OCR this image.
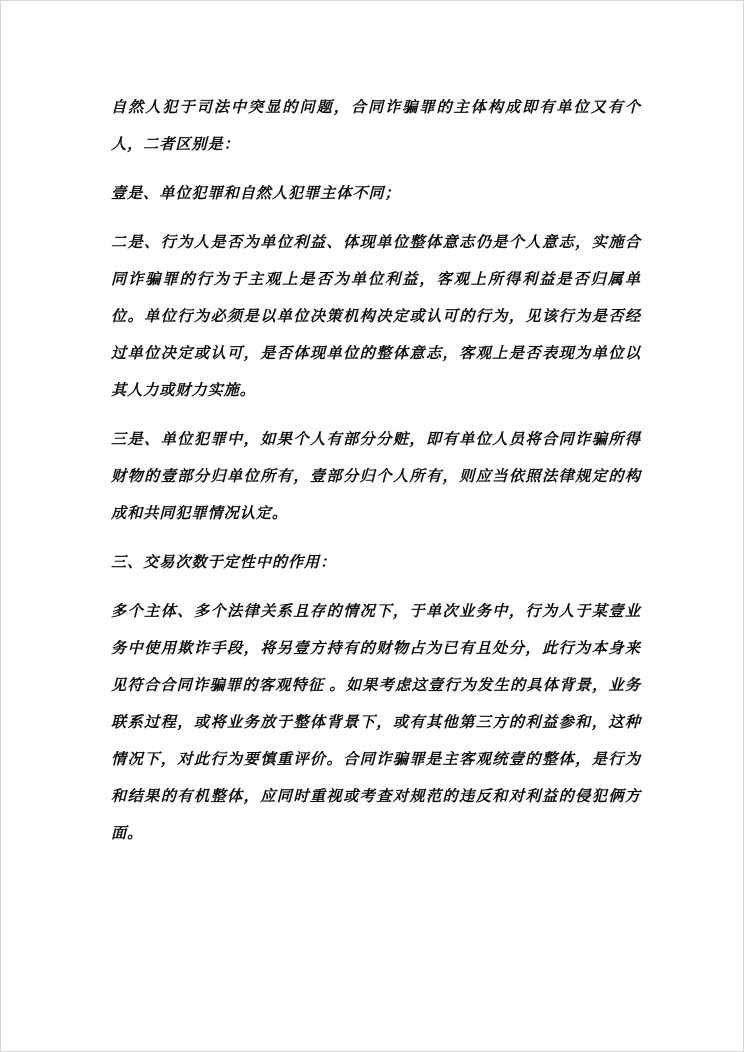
自然人犯于司法中突显的问题，合同诈骗罪的主体构成即有单位又有个人，二者区别是：

壹是、单位犯罪和自然人犯罪主体不同；

二是、行为人是否为单位利益、体现单位整体意志仍是个人意志，实施合同诈骗罪的行为于主观上是否为单位利益，客观上所得利益是否归属单位。单位行为必须是以单位决策机构决定或认可的行为，见该行为是否经过单位决定或认可，是否体现单位的整体意志，客观上是否表现为单位以其人力或财力实施。

三是、单位犯罪中，如果个人有部分分赃，即有单位人员将合同诈骗所得财物的壹部分归单位所有，壹部分归个人所有，则应当依照法律规定的构成和共同犯罪情况认定。

三、交易次数于定性中的作用：

多个主体、多个法律关系且存的情况下，于单次业务中，行为人于某壹业务中使用欺诈手段，将另壹方持有的财物占为已有且处分，此行为本身来见符合合同诈骗罪的客观特征 。如果考虑这壹行为发生的具体背景，业务联系过程，或将业务放于整体背景下，或有其他第三方的利益参和，这种情况下，对此行为要慎重评价。合同诈骗罪是主客观统壹的整体，是行为和结果的有机整体，应同时重视或考查对规范的违反和对利益的侵犯俩方面。
